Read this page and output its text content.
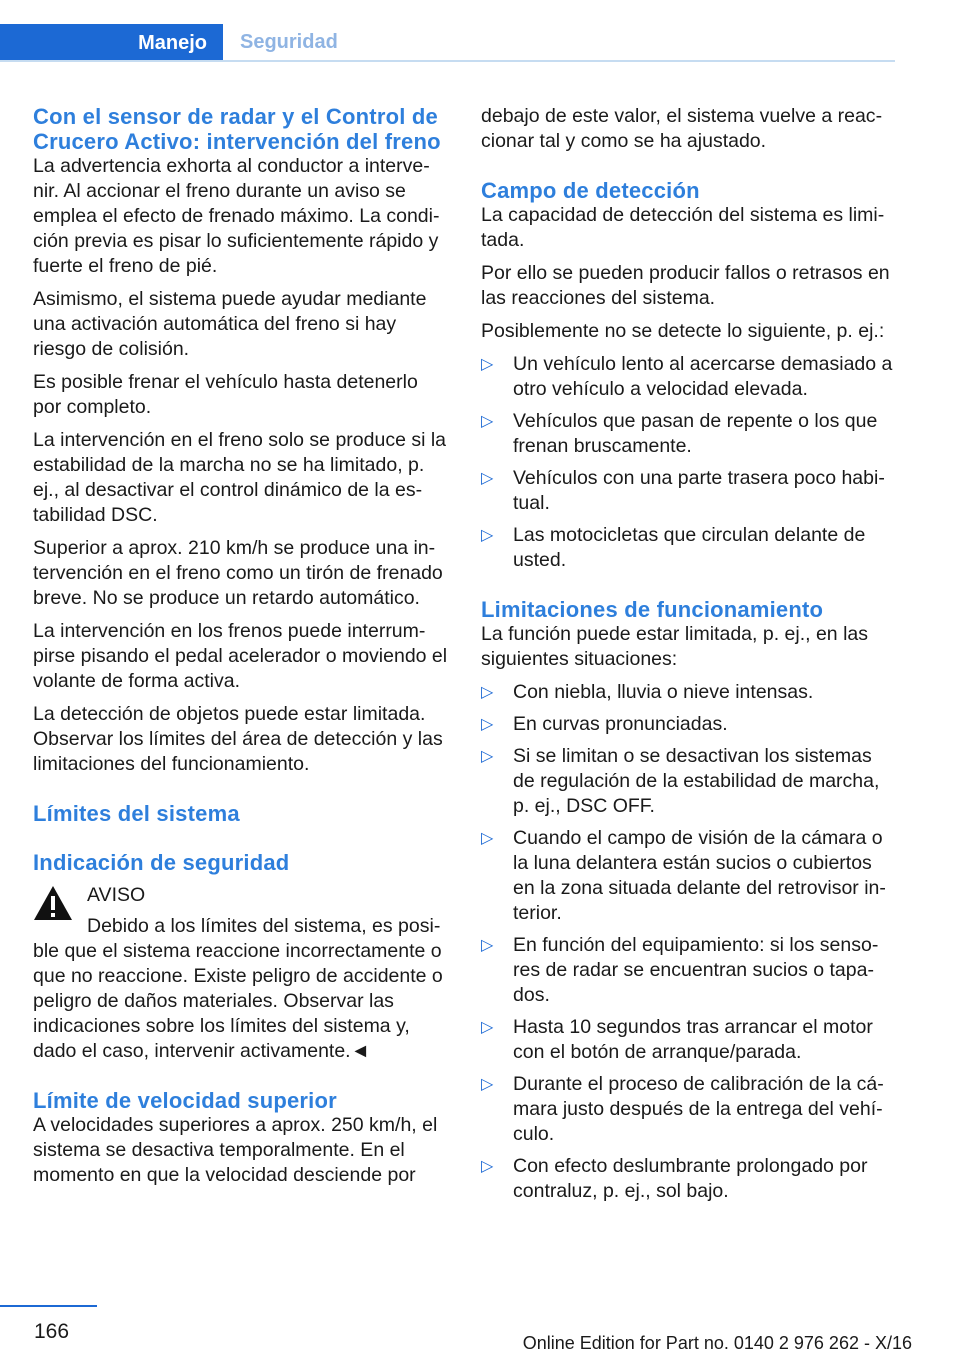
Manejo	Seguridad
Con el sensor de radar y el Control de Crucero Activo: intervención del freno

La advertencia exhorta al conductor a intervenir. Al accionar el freno durante un aviso se emplea el efecto de frenado máximo. La condición previa es pisar lo suficientemente rápido y fuerte el freno de pié.

Asimismo, el sistema puede ayudar mediante una activación automática del freno si hay riesgo de colisión.

Es posible frenar el vehículo hasta detenerlo por completo.

La intervención en el freno solo se produce si la estabilidad de la marcha no se ha limitado, p. ej., al desactivar el control dinámico de la estabilidad DSC.

Superior a aprox. 210 km/h se produce una intervención en el freno como un tirón de frenado breve. No se produce un retardo automático.

La intervención en los frenos puede interrumpirse pisando el pedal acelerador o moviendo el volante de forma activa.

La detección de objetos puede estar limitada. Observar los límites del área de detección y las limitaciones del funcionamiento.

Límites del sistema
Indicación de seguridad
AVISO

Debido a los límites del sistema, es posible que el sistema reaccione incorrectamente o que no reaccione. Existe peligro de accidente o peligro de daños materiales. Observar las indicaciones sobre los límites del sistema y, dado el caso, intervenir activamente.◄

Límite de velocidad superior

A velocidades superiores a aprox. 250 km/h, el sistema se desactiva temporalmente. En el momento en que la velocidad desciende por

debajo de este valor, el sistema vuelve a reaccionar tal y como se ha ajustado.

Campo de detección

La capacidad de detección del sistema es limitada.

Por ello se pueden producir fallos o retrasos en las reacciones del sistema.

Posiblemente no se detecte lo siguiente, p. ej.:

▷ Un vehículo lento al acercarse demasiado a otro vehículo a velocidad elevada.
▷ Vehículos que pasan de repente o los que frenan bruscamente.
▷ Vehículos con una parte trasera poco habitual.
▷ Las motocicletas que circulan delante de usted.
Limitaciones de funcionamiento

La función puede estar limitada, p. ej., en las siguientes situaciones:

▷ Con niebla, lluvia o nieve intensas.
▷ En curvas pronunciadas.
▷ Si se limitan o se desactivan los sistemas de regulación de la estabilidad de marcha, p. ej., DSC OFF.
▷ Cuando el campo de visión de la cámara o la luna delantera están sucios o cubiertos en la zona situada delante del retrovisor interior.
▷ En función del equipamiento: si los sensores de radar se encuentran sucios o tapados.
▷ Hasta 10 segundos tras arrancar el motor con el botón de arranque/parada.
▷ Durante el proceso de calibración de la cámara justo después de la entrega del vehículo.
▷ Con efecto deslumbrante prolongado por contraluz, p. ej., sol bajo.
166	Online Edition for Part no. 0140 2 976 262 - X/16
